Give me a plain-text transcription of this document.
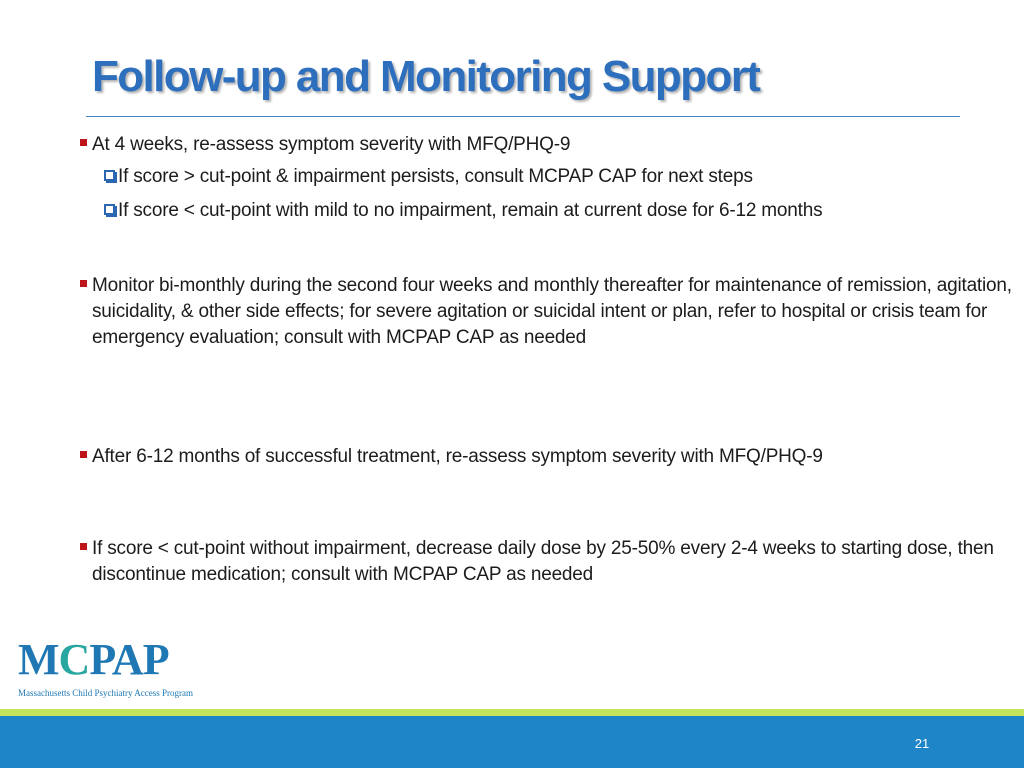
Follow-up and Monitoring Support
At 4 weeks, re-assess symptom severity with MFQ/PHQ-9
If score > cut-point & impairment persists, consult MCPAP CAP for next steps
If score < cut-point with mild to no impairment, remain at current dose for 6-12 months
Monitor bi-monthly during the second four weeks and monthly thereafter for maintenance of remission, agitation, suicidality, & other side effects; for severe agitation or suicidal intent or plan, refer to hospital or crisis team for emergency evaluation; consult with MCPAP CAP as needed
After 6-12 months of successful treatment, re-assess symptom severity with MFQ/PHQ-9
If score < cut-point without impairment, decrease daily dose by 25-50% every 2-4 weeks to starting dose, then discontinue medication; consult with MCPAP CAP as needed
MCPAP
Massachusetts Child Psychiatry Access Program
21
